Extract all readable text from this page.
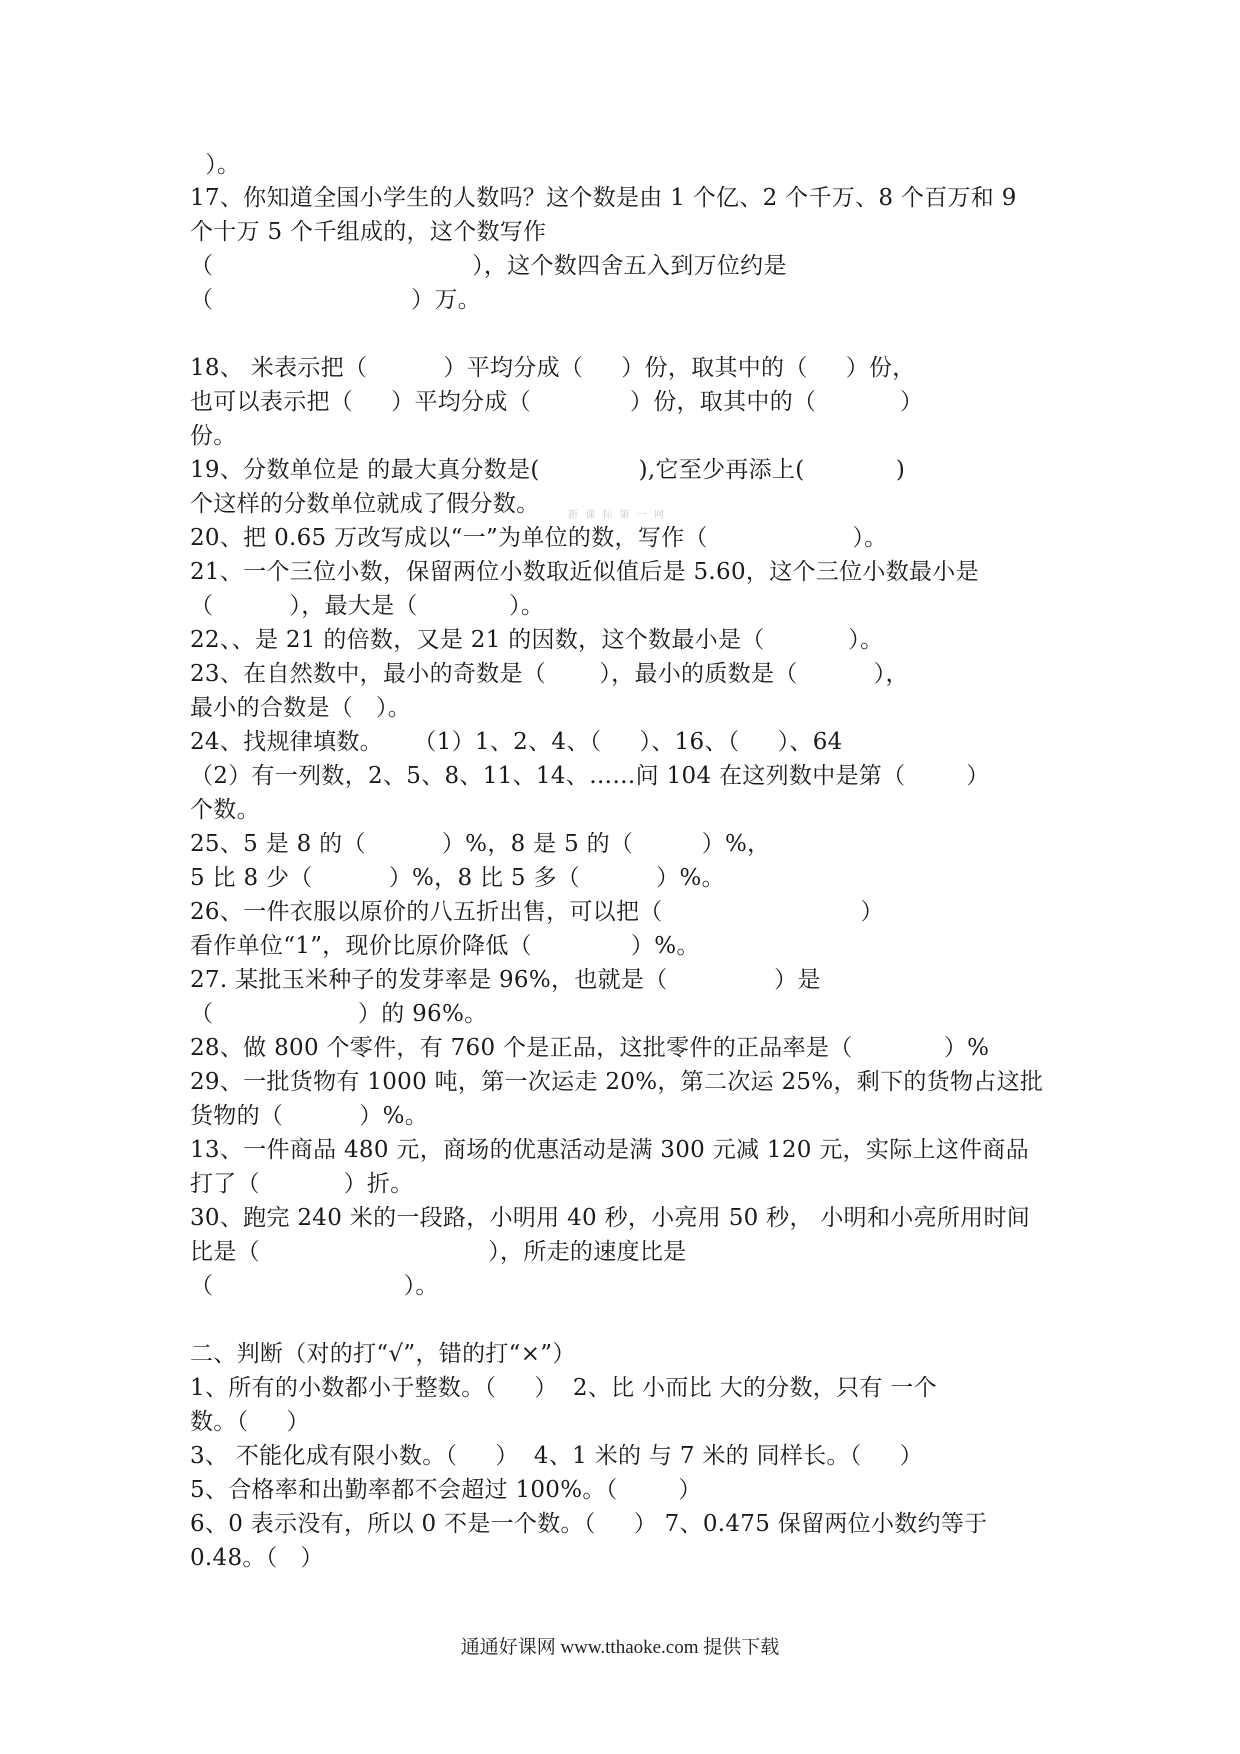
）。
17、你知道全国小学生的人数吗？这个数是由 1 个亿、2 个千万、8 个百万和 9
个十万 5 个千组成的，这个数写作
（                                  ），这个数四舍五入到万位约是
（                          ）万。
18、 米表示把（          ）平均分成（     ）份，取其中的（     ）份，
也可以表示把（     ）平均分成（             ）份，取其中的（           ）
份。
19、分数单位是 的最大真分数是(             ),它至少再添上(            )
个这样的分数单位就成了假分数。	新 课 标 第 一 网
20、把 0.65 万改写成以“一”为单位的数，写作（                   ）。
21、一个三位小数，保留两位小数取近似值后是 5.60，这个三位小数最小是
（          ），最大是（            ）。
22、、是 21 的倍数，又是 21 的因数，这个数最小是（           ）。
23、在自然数中，最小的奇数是（       ），最小的质数是（          ），
最小的合数是（   ）。
24、找规律填数。    （1）1、2、4、（     ）、16、（     ）、64
（2）有一列数，2、5、8、11、14、……问 104 在这列数中是第（        ）
个数。
25、5 是 8 的（          ）%，8 是 5 的（         ）%，
5 比 8 少（          ）%，8 比 5 多（          ）%。
26、一件衣服以原价的八五折出售，可以把（                          ）
看作单位“1”，现价比原价降低（             ）%。
27. 某批玉米种子的发芽率是 96%，也就是（              ）是
（                   ）的 96%。
28、做 800 个零件，有 760 个是正品，这批零件的正品率是（            ）%
29、一批货物有 1000 吨，第一次运走 20%，第二次运 25%，剩下的货物占这批
货物的（          ）%。
13、一件商品 480 元，商场的优惠活动是满 300 元减 120 元，实际上这件商品
打了（           ）折。
30、跑完 240 米的一段路，小明用 40 秒，小亮用 50 秒， 小明和小亮所用时间
比是（                              ），所走的速度比是
（                         ）。
二、判断（对的打“√”，错的打“×”）
1、所有的小数都小于整数。（     ）  2、比 小而比 大的分数，只有 一个
数。（     ）
3、 不能化成有限小数。（     ）  4、1 米的 与 7 米的 同样长。（     ）
5、合格率和出勤率都不会超过 100%。（        ）
6、0 表示没有，所以 0 不是一个数。（     ） 7、0.475 保留两位小数约等于
0.48。（   ）
通通好课网 www.tthaoke.com 提供下载
